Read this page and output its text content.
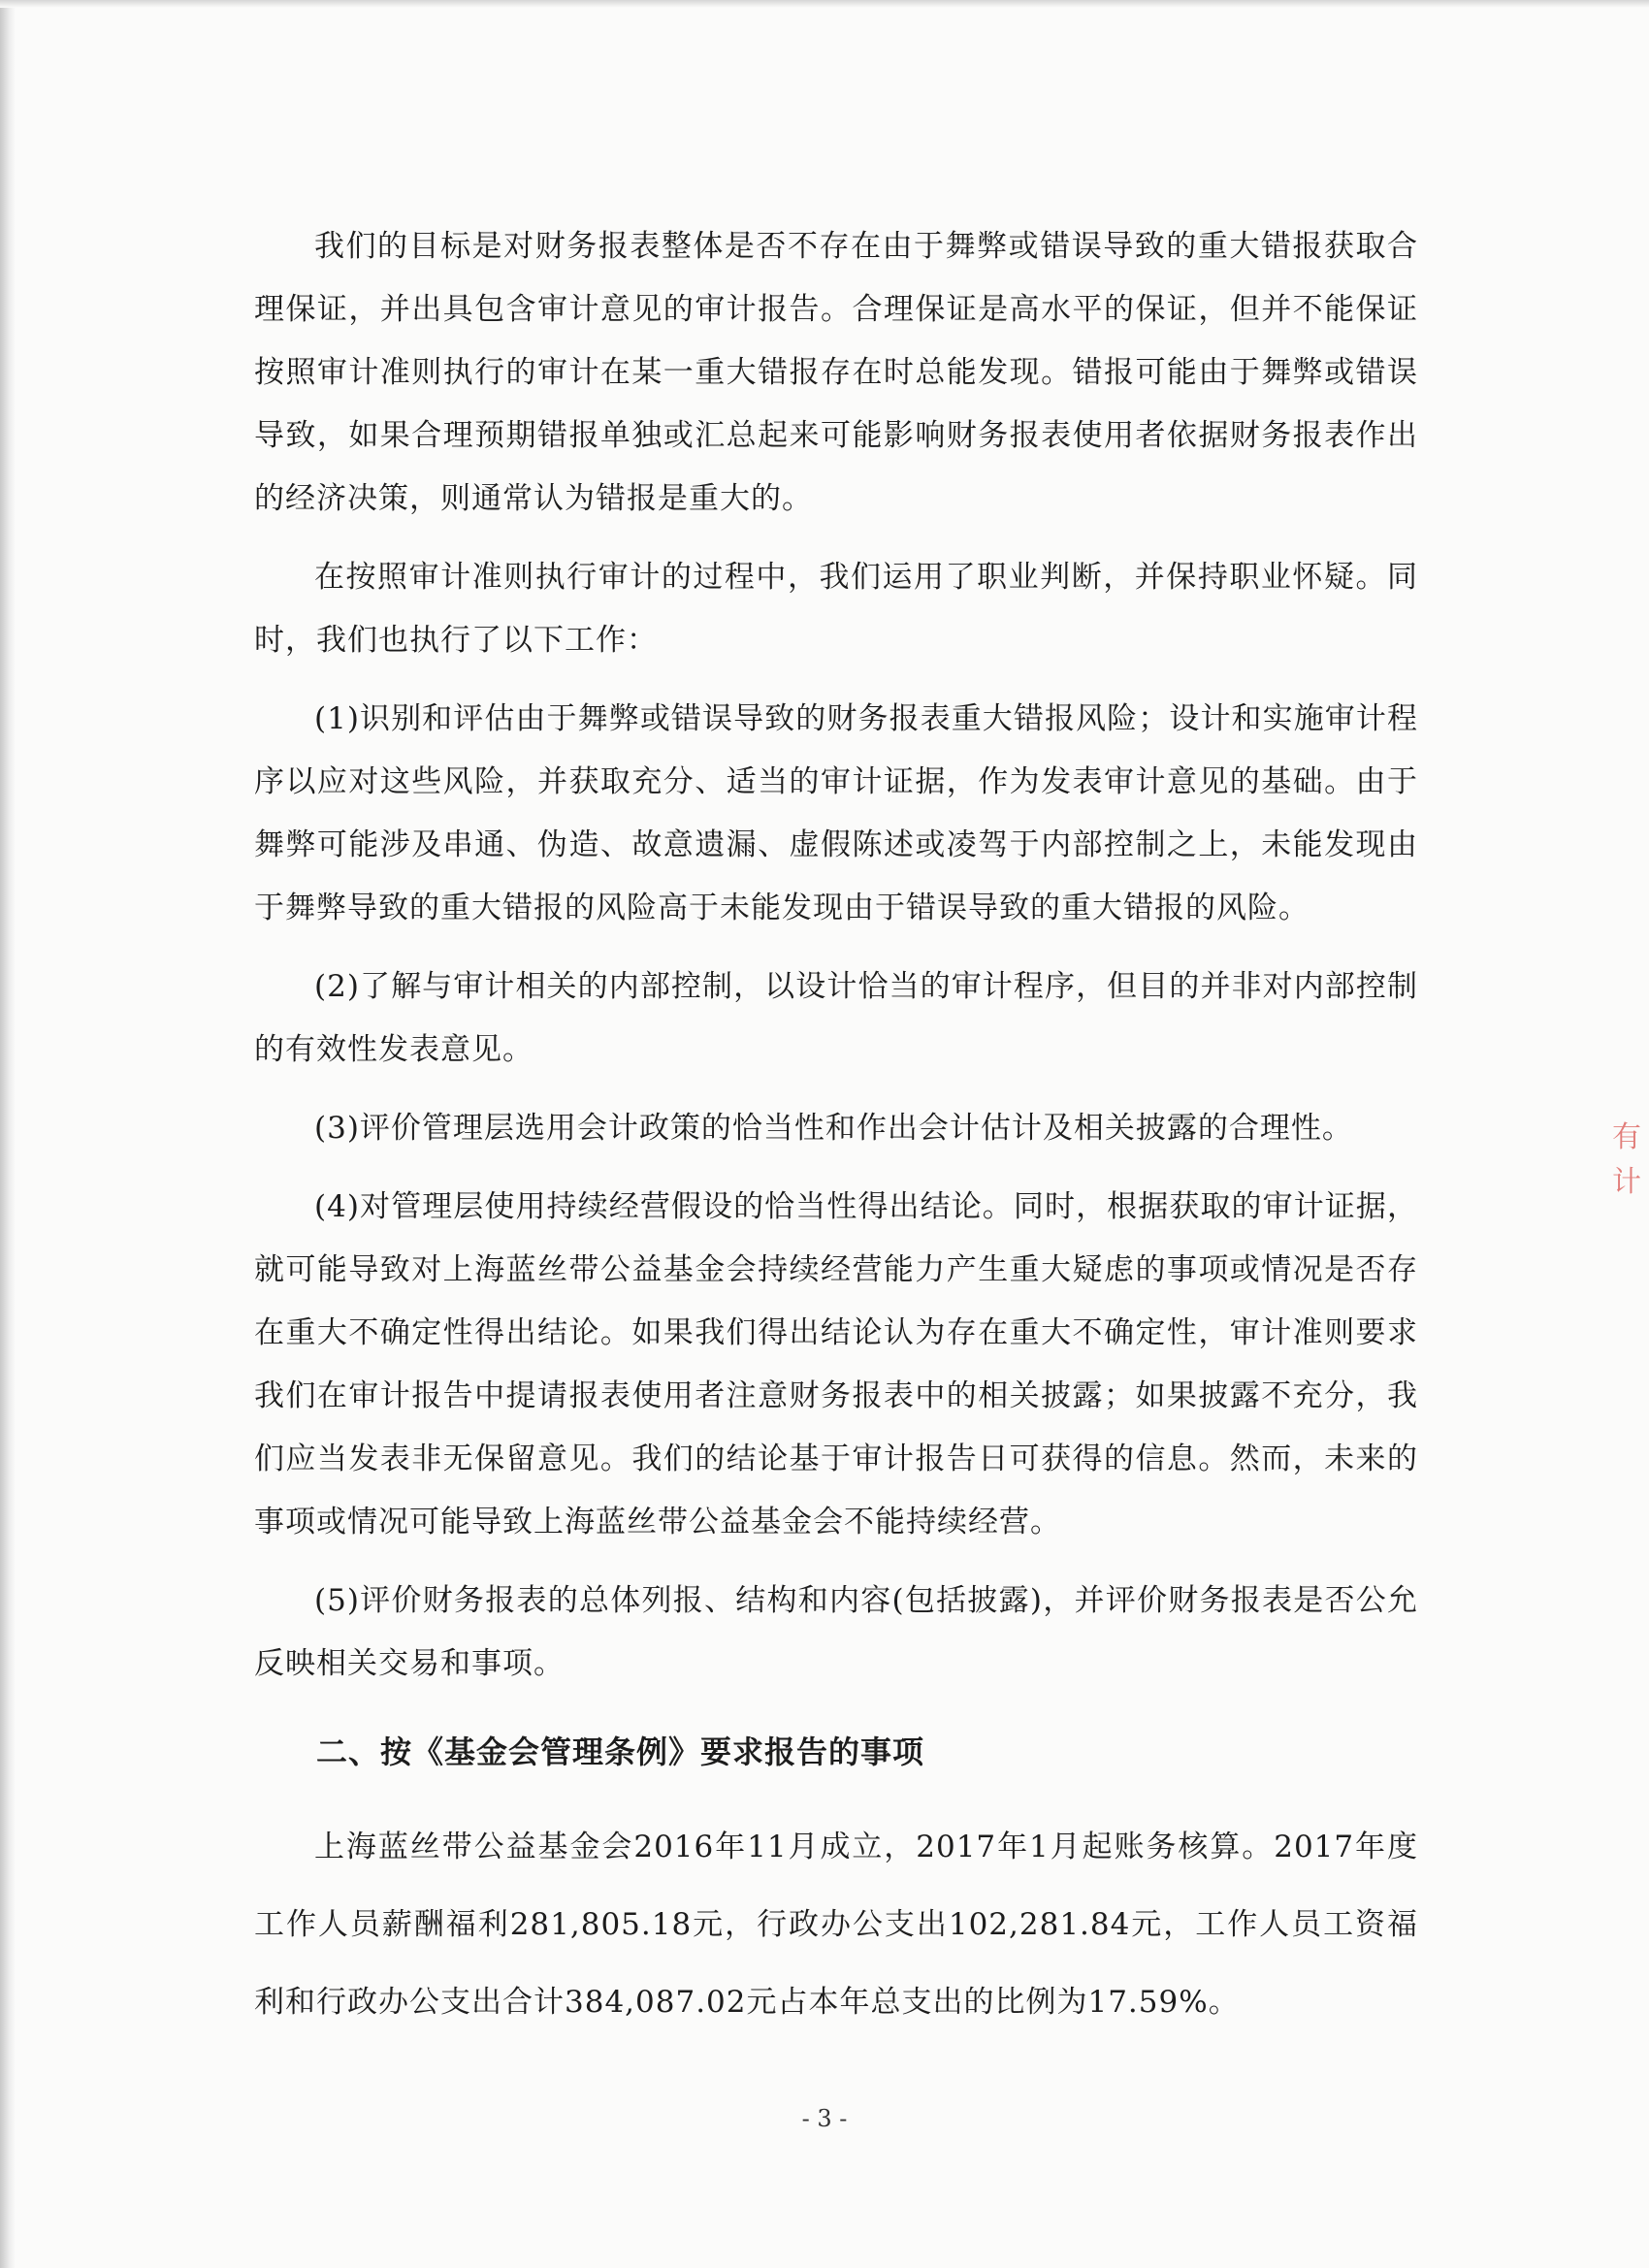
有 计

我们的目标是对财务报表整体是否不存在由于舞弊或错误导致的重大错报获取合理保证，并出具包含审计意见的审计报告。合理保证是高水平的保证，但并不能保证按照审计准则执行的审计在某一重大错报存在时总能发现。错报可能由于舞弊或错误导致，如果合理预期错报单独或汇总起来可能影响财务报表使用者依据财务报表作出的经济决策，则通常认为错报是重大的。

在按照审计准则执行审计的过程中，我们运用了职业判断，并保持职业怀疑。同时，我们也执行了以下工作：

(1)识别和评估由于舞弊或错误导致的财务报表重大错报风险；设计和实施审计程序以应对这些风险，并获取充分、适当的审计证据，作为发表审计意见的基础。由于舞弊可能涉及串通、伪造、故意遗漏、虚假陈述或凌驾于内部控制之上，未能发现由于舞弊导致的重大错报的风险高于未能发现由于错误导致的重大错报的风险。

(2)了解与审计相关的内部控制，以设计恰当的审计程序，但目的并非对内部控制的有效性发表意见。

(3)评价管理层选用会计政策的恰当性和作出会计估计及相关披露的合理性。

(4)对管理层使用持续经营假设的恰当性得出结论。同时，根据获取的审计证据，就可能导致对上海蓝丝带公益基金会持续经营能力产生重大疑虑的事项或情况是否存在重大不确定性得出结论。如果我们得出结论认为存在重大不确定性，审计准则要求我们在审计报告中提请报表使用者注意财务报表中的相关披露；如果披露不充分，我们应当发表非无保留意见。我们的结论基于审计报告日可获得的信息。然而，未来的事项或情况可能导致上海蓝丝带公益基金会不能持续经营。

(5)评价财务报表的总体列报、结构和内容(包括披露)，并评价财务报表是否公允反映相关交易和事项。

二、按《基金会管理条例》要求报告的事项

上海蓝丝带公益基金会2016年11月成立，2017年1月起账务核算。2017年度工作人员薪酬福利281,805.18元，行政办公支出102,281.84元，工作人员工资福利和行政办公支出合计384,087.02元占本年总支出的比例为17.59%。

- 3 -
